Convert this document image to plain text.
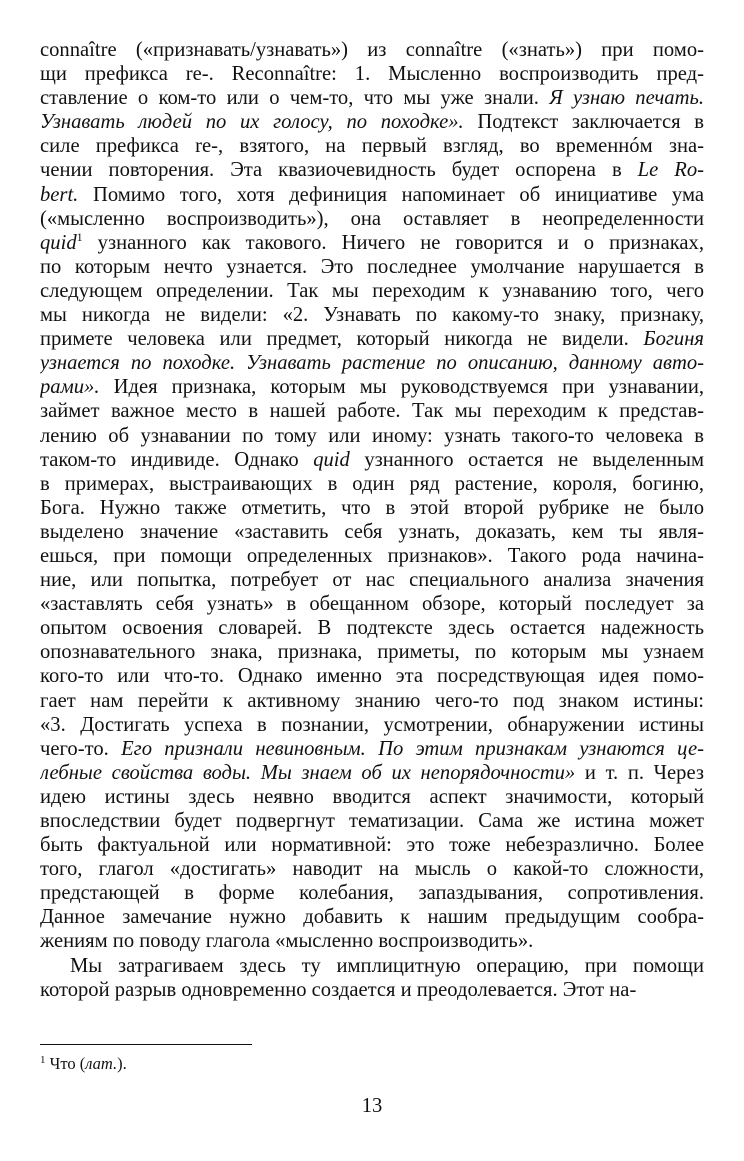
connaître («признавать/узнавать») из connaître («знать») при помо-
щи префикса re-. Reconnaître: 1. Мысленно воспроизводить пред-
ставление о ком-то или о чем-то, что мы уже знали. Я узнаю печать.
Узнавать людей по их голосу, по походке». Подтекст заключается в
силе префикса re-, взятого, на первый взгляд, во временнóм зна-
чении повторения. Эта квазиочевидность будет оспорена в Le Ro-
bert. Помимо того, хотя дефиниция напоминает об инициативе ума
(«мысленно воспроизводить»), она оставляет в неопределенности
quid$^1$ узнанного как такового. Ничего не говорится и о признаках,
по которым нечто узнается. Это последнее умолчание нарушается в
следующем определении. Так мы переходим к узнаванию того, чего
мы никогда не видели: «2. Узнавать по какому-то знаку, признаку,
примете человека или предмет, который никогда не видели. Богиня
узнается по походке. Узнавать растение по описанию, данному авто-
рами». Идея признака, которым мы руководствуемся при узнавании,
займет важное место в нашей работе. Так мы переходим к представ-
лению об узнавании по тому или иному: узнать такого-то человека в
таком-то индивиде. Однако quid узнанного остается не выделенным
в примерах, выстраивающих в один ряд растение, короля, богиню,
Бога. Нужно также отметить, что в этой второй рубрике не было
выделено значение «заставить себя узнать, доказать, кем ты явля-
ешься, при помощи определенных признаков». Такого рода начина-
ние, или попытка, потребует от нас специального анализа значения
«заставлять себя узнать» в обещанном обзоре, который последует за
опытом освоения словарей. В подтексте здесь остается надежность
опознавательного знака, признака, приметы, по которым мы узнаем
кого-то или что-то. Однако именно эта посредствующая идея помо-
гает нам перейти к активному знанию чего-то под знаком истины:
«3. Достигать успеха в познании, усмотрении, обнаружении истины
чего-то. Его признали невиновным. По этим признакам узнаются це-
лебные свойства воды. Мы знаем об их непорядочности» и т. п. Через
идею истины здесь неявно вводится аспект значимости, который
впоследствии будет подвергнут тематизации. Сама же истина может
быть фактуальной или нормативной: это тоже небезразлично. Более
того, глагол «достигать» наводит на мысль о какой-то сложности,
предстающей в форме колебания, запаздывания, сопротивления.
Данное замечание нужно добавить к нашим предыдущим сообра-
жениям по поводу глагола «мысленно воспроизводить».
Мы затрагиваем здесь ту имплицитную операцию, при помощи
которой разрыв одновременно создается и преодолевается. Этот на-
$^1$ Что (лат.).
13
